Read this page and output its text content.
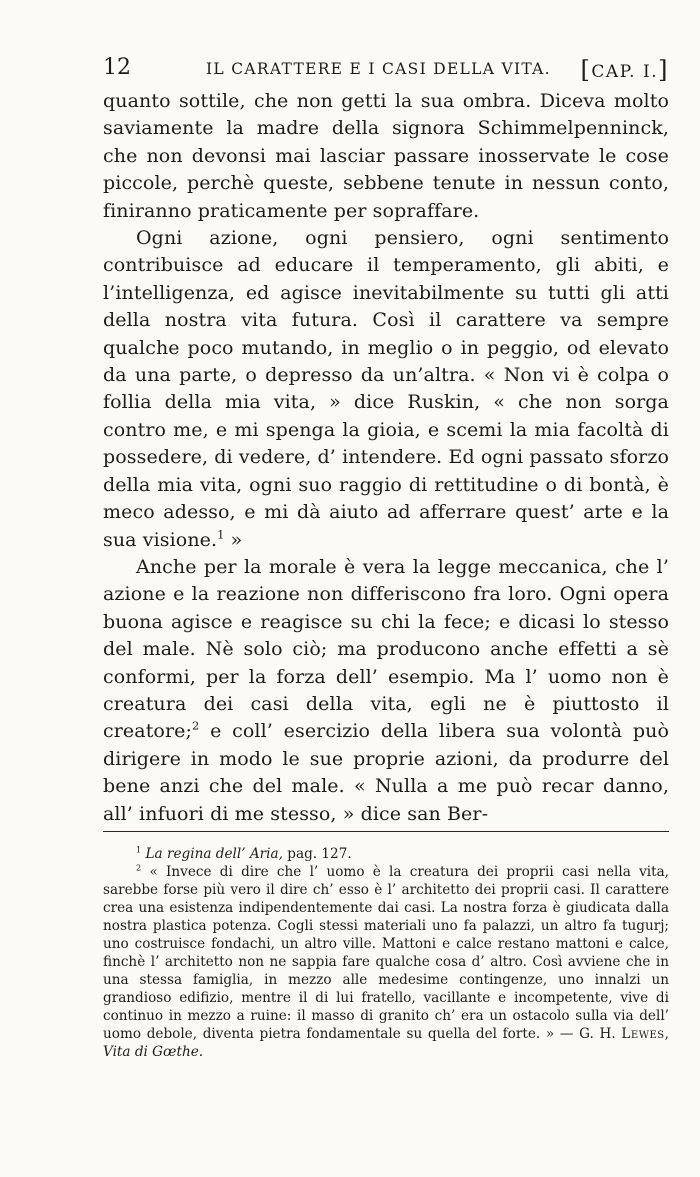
12	IL CARATTERE E I CASI DELLA VITA. [CAP. I.]

quanto sottile, che non getti la sua ombra. Diceva molto saviamente la madre della signora Schimmelpenninck, che non devonsi mai lasciar passare inosservate le cose piccole, perchè queste, sebbene tenute in nessun conto, finiranno praticamente per sopraffare.

Ogni azione, ogni pensiero, ogni sentimento contribuisce ad educare il temperamento, gli abiti, e l’intelligenza, ed agisce inevitabilmente su tutti gli atti della nostra vita futura. Così il carattere va sempre qualche poco mutando, in meglio o in peggio, od elevato da una parte, o depresso da un’altra. « Non vi è colpa o follia della mia vita, » dice Ruskin, « che non sorga contro me, e mi spenga la gioia, e scemi la mia facoltà di possedere, di vedere, d’ intendere. Ed ogni passato sforzo della mia vita, ogni suo raggio di rettitudine o di bontà, è meco adesso, e mi dà aiuto ad afferrare quest’ arte e la sua visione.$^1$ »

Anche per la morale è vera la legge meccanica, che l’ azione e la reazione non differiscono fra loro. Ogni opera buona agisce e reagisce su chi la fece; e dicasi lo stesso del male. Nè solo ciò; ma producono anche effetti a sè conformi, per la forza dell’ esempio. Ma l’ uomo non è creatura dei casi della vita, egli ne è piuttosto il creatore;$^2$ e coll’ esercizio della libera sua volontà può dirigere in modo le sue proprie azioni, da produrre del bene anzi che del male. « Nulla a me può recar danno, all’ infuori di me stesso, » dice san Ber-

$^1$ La regina dell’ Aria, pag. 127.

$^2$ « Invece di dire che l’ uomo è la creatura dei proprii casi nella vita, sarebbe forse più vero il dire ch’ esso è l’ architetto dei proprii casi. Il carattere crea una esistenza indipendentemente dai casi. La nostra forza è giudicata dalla nostra plastica potenza. Cogli stessi materiali uno fa palazzi, un altro fa tugurj; uno costruisce fondachi, un altro ville. Mattoni e calce restano mattoni e calce, finchè l’ architetto non ne sappia fare qualche cosa d’ altro. Così avviene che in una stessa famiglia, in mezzo alle medesime contingenze, uno innalzi un grandioso edifizio, mentre il di lui fratello, vacillante e incompetente, vive di continuo in mezzo a ruine: il masso di granito ch’ era un ostacolo sulla via dell’ uomo debole, diventa pietra fondamentale su quella del forte. » — G. H. Lewes, Vita di Gœthe.
